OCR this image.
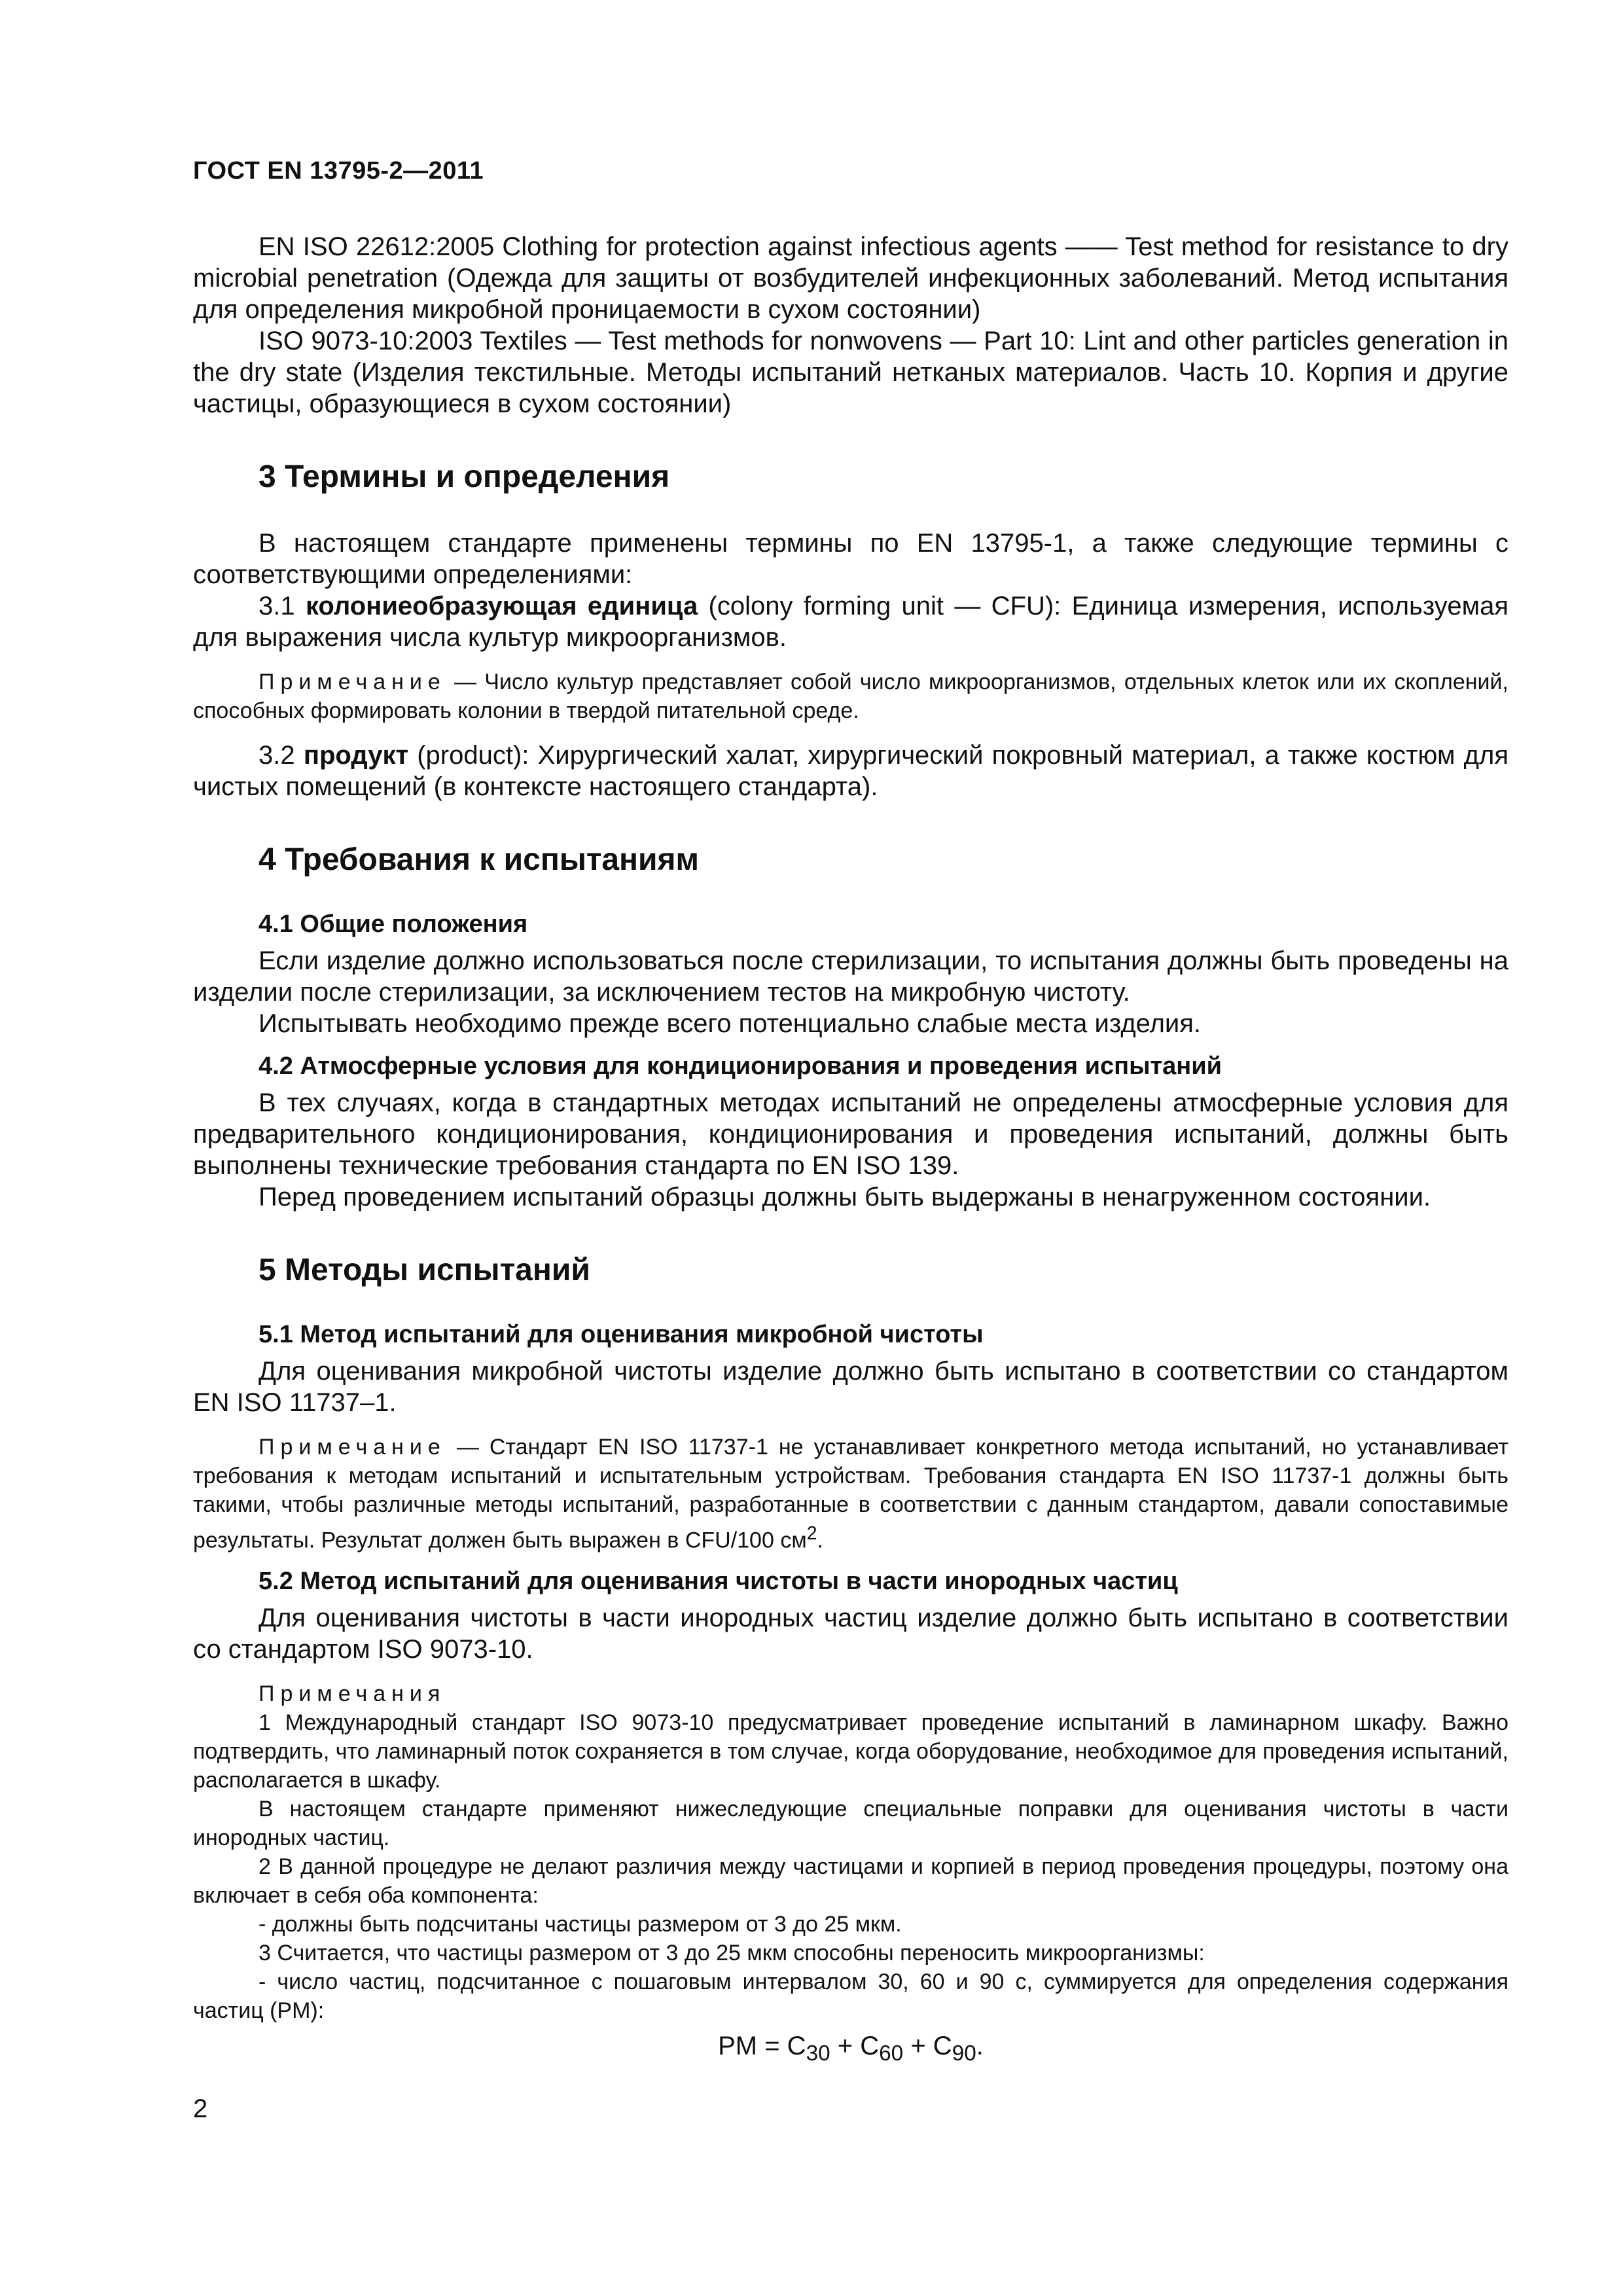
ГОСТ EN 13795-2—2011

EN ISO 22612:2005 Clothing for protection against infectious agents —— Test method for resistance to dry microbial penetration (Одежда для защиты от возбудителей инфекционных заболеваний. Метод испытания для определения микробной проницаемости в сухом состоянии)

ISO 9073-10:2003 Textiles — Test methods for nonwovens — Part 10: Lint and other particles generation in the dry state (Изделия текстильные. Методы испытаний нетканых материалов. Часть 10. Корпия и другие частицы, образующиеся в сухом состоянии)

3 Термины и определения

В настоящем стандарте применены термины по EN 13795-1, а также следующие термины с соответствующими определениями:

3.1 колониеобразующая единица (colony forming unit — CFU): Единица измерения, используемая для выражения числа культур микроорганизмов.

Примечание — Число культур представляет собой число микроорганизмов, отдельных клеток или их скоплений, способных формировать колонии в твердой питательной среде.

3.2 продукт (product): Хирургический халат, хирургический покровный материал, а также костюм для чистых помещений (в контексте настоящего стандарта).

4 Требования к испытаниям
4.1 Общие положения

Если изделие должно использоваться после стерилизации, то испытания должны быть проведены на изделии после стерилизации, за исключением тестов на микробную чистоту.

Испытывать необходимо прежде всего потенциально слабые места изделия.

4.2 Атмосферные условия для кондиционирования и проведения испытаний

В тех случаях, когда в стандартных методах испытаний не определены атмосферные условия для предварительного кондиционирования, кондиционирования и проведения испытаний, должны быть выполнены технические требования стандарта по EN ISO 139.

Перед проведением испытаний образцы должны быть выдержаны в ненагруженном состоянии.

5 Методы испытаний
5.1 Метод испытаний для оценивания микробной чистоты

Для оценивания микробной чистоты изделие должно быть испытано в соответствии со стандартом EN ISO 11737–1.

Примечание — Стандарт EN ISO 11737-1 не устанавливает конкретного метода испытаний, но устанавливает требования к методам испытаний и испытательным устройствам. Требования стандарта EN ISO 11737-1 должны быть такими, чтобы различные методы испытаний, разработанные в соответствии с данным стандартом, давали сопоставимые результаты. Результат должен быть выражен в CFU/100 $см^2$.

5.2 Метод испытаний для оценивания чистоты в части инородных частиц

Для оценивания чистоты в части инородных частиц изделие должно быть испытано в соответствии со стандартом ISO 9073-10.

Примечания

1 Международный стандарт ISO 9073-10 предусматривает проведение испытаний в ламинарном шкафу. Важно подтвердить, что ламинарный поток сохраняется в том случае, когда оборудование, необходимое для проведения испытаний, располагается в шкафу.

В настоящем стандарте применяют нижеследующие специальные поправки для оценивания чистоты в части инородных частиц.

2 В данной процедуре не делают различия между частицами и корпией в период проведения процедуры, поэтому она включает в себя оба компонента:

- должны быть подсчитаны частицы размером от 3 до 25 мкм.

3 Считается, что частицы размером от 3 до 25 мкм способны переносить микроорганизмы:

- число частиц, подсчитанное с пошаговым интервалом 30, 60 и 90 с, суммируется для определения содержания частиц (PM):

PM = $C_{30} + C_{60} + C_{90}$.

2
